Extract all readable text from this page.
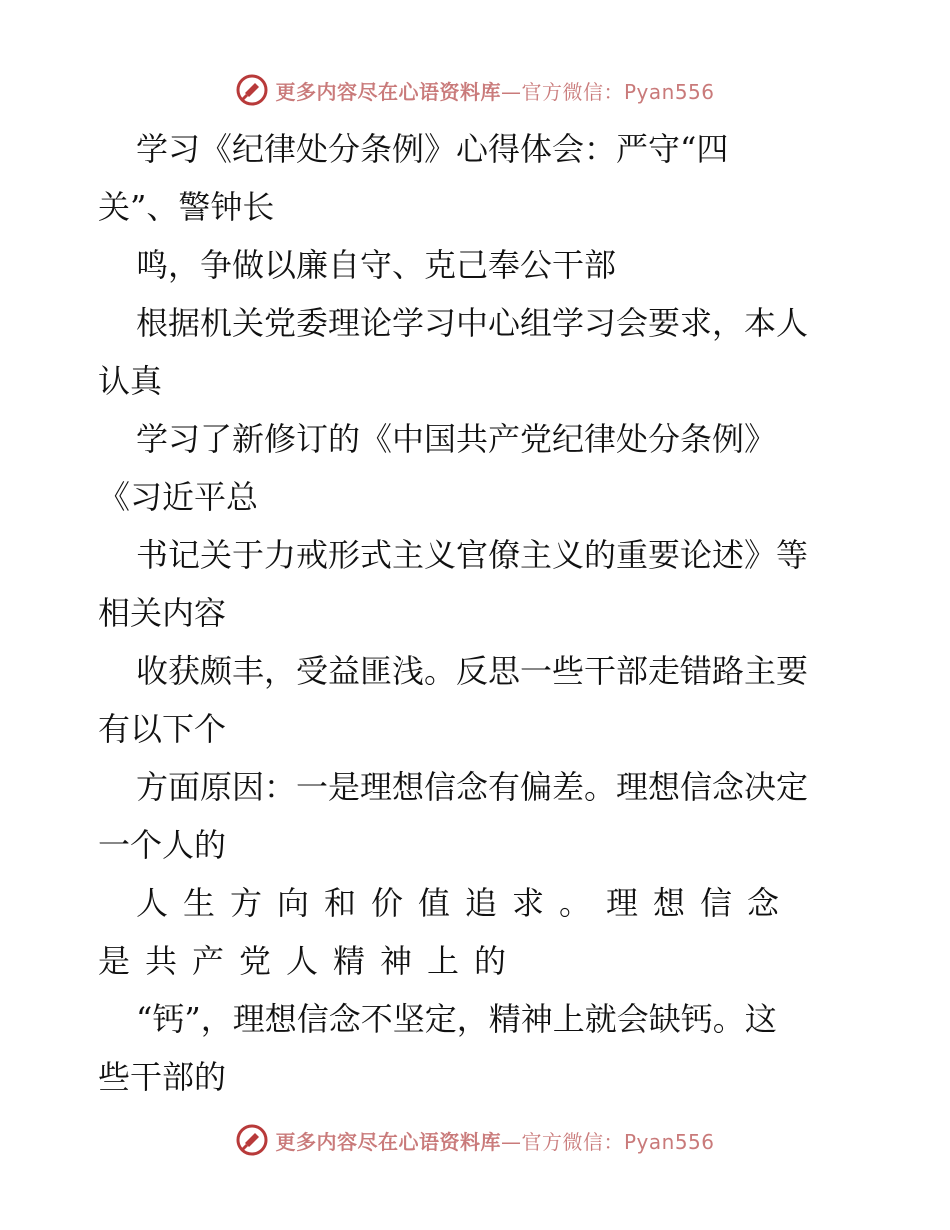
更多内容尽在心语资料库—官方微信：Pyan556
学习《纪律处分条例》心得体会：严守“四
关”、警钟长
鸣，争做以廉自守、克己奉公干部
根据机关党委理论学习中心组学习会要求，本人
认真
学习了新修订的《中国共产党纪律处分条例》
《习近平总
书记关于力戒形式主义官僚主义的重要论述》等
相关内容
收获颇丰，受益匪浅。反思一些干部走错路主要
有以下个
方面原因：一是理想信念有偏差。理想信念决定
一个人的
人生方向和价值追求。理想信念
是共产党人精神上的
“钙”，理想信念不坚定，精神上就会缺钙。这
些干部的
更多内容尽在心语资料库—官方微信：Pyan556
